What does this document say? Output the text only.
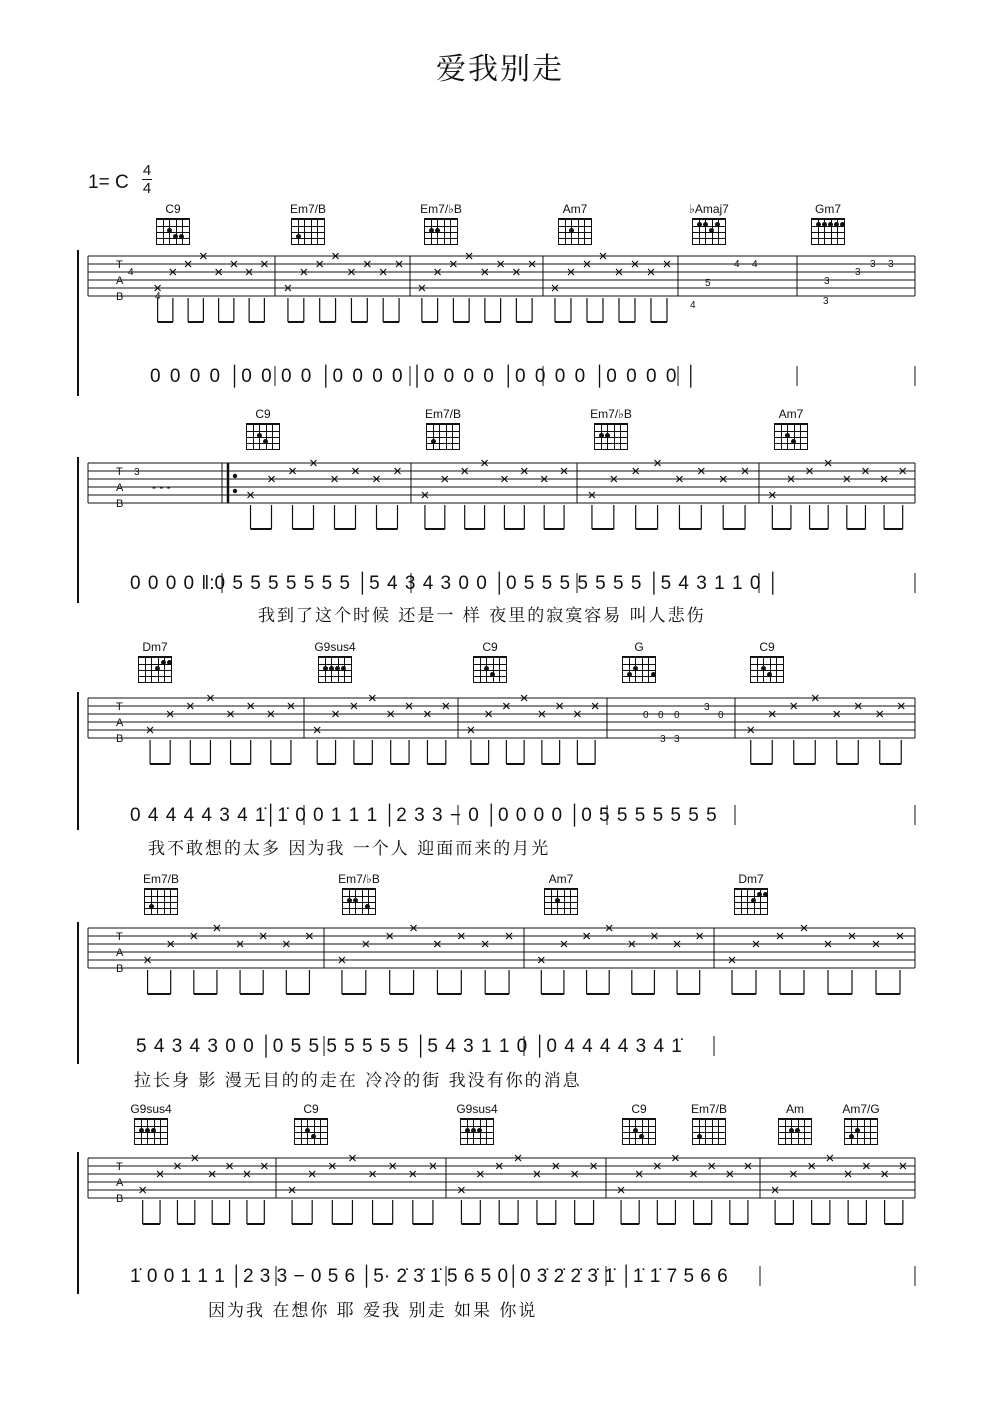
爱我别走
1= C
4
4
C9	Em7/B	Em7/♭B	Am7	♭Amaj7	Gm7
T
A
B
4
4
4
4 4
5
3
3
3 3
3
0 0 0 0 │0 0 0 0 │0 0 0 0 │0 0 0 0 │0 0 0 0 │0 0 0 0 │
C9	Em7/B	Em7/♭B	Am7
T
A
B
3
- - -
0 0 0 0 ‖:0 5 5 5 5 5 5 5 │5 4 3 4 3 0 0 │0 5 5 5 5 5 5 5 │5 4 3 1 1 0 │
我到了这个时候 还是一 样 夜里的寂寞容易 叫人悲伤
Dm7	G9sus4	C9	G	C9
T
A
B
0 0 0
3
0
3 3
0 4 4 4 4 3 4 1̇│1̇ 0 0 1 1 1 │2 3 3 − 0 │0 0 0 0 │0 5 5 5 5 5 5 5
我不敢想的太多 因为我 一个人 迎面而来的月光
Em7/B	Em7/♭B	Am7	Dm7
T
A
B
5 4 3 4 3 0 0 │0 5 5 5 5 5 5 5 │5 4 3 1 1 0 │0 4 4 4 4 3 4 1̇
拉长身 影 漫无目的的走在 冷冷的街 我没有你的消息
G9sus4	C9	G9sus4	C9	Em7/B	Am	Am7/G
T
A
B
1̇ 0 0 1 1 1 │2 3 3 − 0 5 6 │5· 2̇ 3̇ 1̇ 5 6 5 0│0 3̇ 2̇ 2̇ 3̇ 1̇ │1̇ 1̇ 7 5 6 6
因为我 在想你 耶 爱我 别走 如果 你说
